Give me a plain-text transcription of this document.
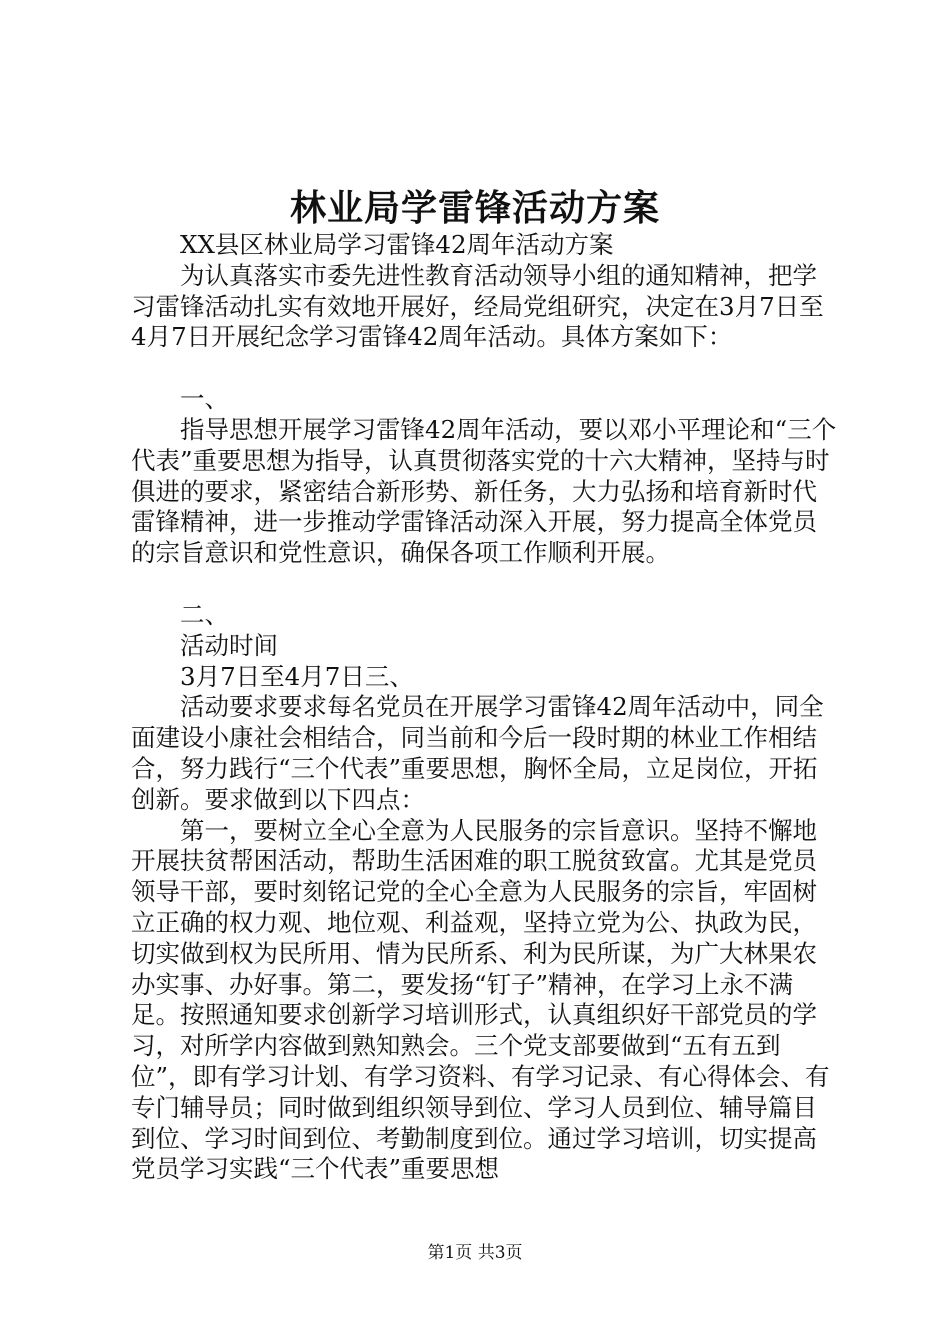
林业局学雷锋活动方案

XX县区林业局学习雷锋42周年活动方案

为认真落实市委先进性教育活动领导小组的通知精神，把学习雷锋活动扎实有效地开展好，经局党组研究，决定在3月7日至4月7日开展纪念学习雷锋42周年活动。具体方案如下：

一、

指导思想开展学习雷锋42周年活动，要以邓小平理论和“三个代表”重要思想为指导，认真贯彻落实党的十六大精神，坚持与时俱进的要求，紧密结合新形势、新任务，大力弘扬和培育新时代雷锋精神，进一步推动学雷锋活动深入开展，努力提高全体党员的宗旨意识和党性意识，确保各项工作顺利开展。

二、

活动时间

3月7日至4月7日三、

活动要求要求每名党员在开展学习雷锋42周年活动中，同全面建设小康社会相结合，同当前和今后一段时期的林业工作相结合，努力践行“三个代表”重要思想，胸怀全局，立足岗位，开拓创新。要求做到以下四点：

第一，要树立全心全意为人民服务的宗旨意识。坚持不懈地开展扶贫帮困活动，帮助生活困难的职工脱贫致富。尤其是党员领导干部，要时刻铭记党的全心全意为人民服务的宗旨，牢固树立正确的权力观、地位观、利益观，坚持立党为公、执政为民，切实做到权为民所用、情为民所系、利为民所谋，为广大林果农办实事、办好事。第二，要发扬“钉子”精神，在学习上永不满足。按照通知要求创新学习培训形式，认真组织好干部党员的学习，对所学内容做到熟知熟会。三个党支部要做到“五有五到位”，即有学习计划、有学习资料、有学习记录、有心得体会、有专门辅导员；同时做到组织领导到位、学习人员到位、辅导篇目到位、学习时间到位、考勤制度到位。通过学习培训，切实提高党员学习实践“三个代表”重要思想

第1页 共3页
